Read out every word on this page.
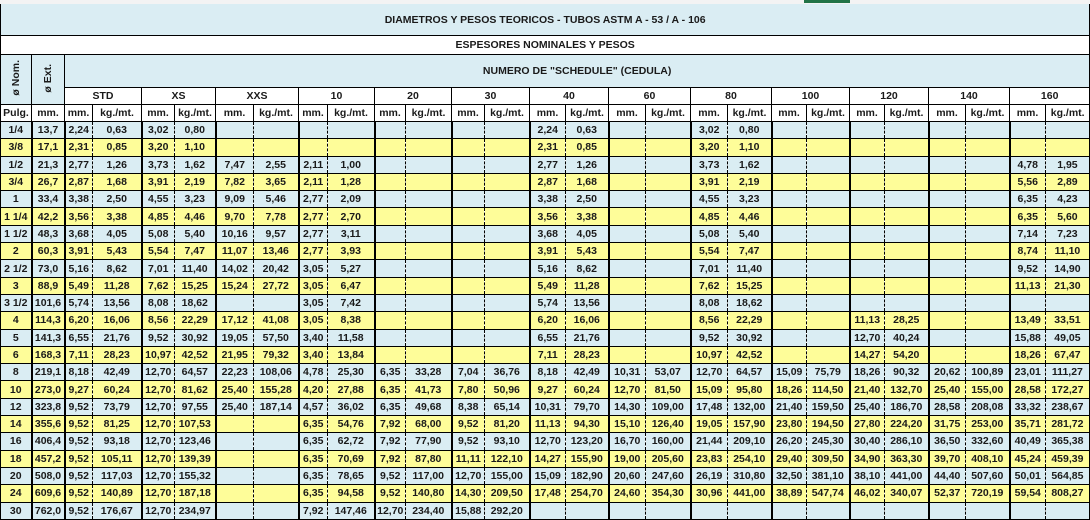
DIAMETROS Y PESOS TEORICOS - TUBOS ASTM A - 53 / A - 106																											
ESPESORES NOMINALES Y PESOS																											
ø Nom.	ø Ext.	NUMERO DE "SCHEDULE" (CEDULA)																									
		STD		XS		XXS		10		20		30		40		60		80		100		120		140		160	
Pulg.	mm.	mm.	kg./mt.	mm.	kg./mt.	mm.	kg./mt.	mm.	kg./mt.	mm.	kg./mt.	mm.	kg./mt.	mm.	kg./mt.	mm.	kg./mt.	mm.	kg./mt.	mm.	kg./mt.	mm.	kg./mt.	mm.	kg./mt.	mm.	kg./mt.
1/4	13,7	2,24	0,63	3,02	0,80									2,24	0,63			3,02	0,80								
3/8	17,1	2,31	0,85	3,20	1,10									2,31	0,85			3,20	1,10								
1/2	21,3	2,77	1,26	3,73	1,62	7,47	2,55	2,11	1,00					2,77	1,26			3,73	1,62							4,78	1,95
3/4	26,7	2,87	1,68	3,91	2,19	7,82	3,65	2,11	1,28					2,87	1,68			3,91	2,19							5,56	2,89
1	33,4	3,38	2,50	4,55	3,23	9,09	5,46	2,77	2,09					3,38	2,50			4,55	3,23							6,35	4,23
1 1/4	42,2	3,56	3,38	4,85	4,46	9,70	7,78	2,77	2,70					3,56	3,38			4,85	4,46							6,35	5,60
1 1/2	48,3	3,68	4,05	5,08	5,40	10,16	9,57	2,77	3,11					3,68	4,05			5,08	5,40							7,14	7,23
2	60,3	3,91	5,43	5,54	7,47	11,07	13,46	2,77	3,93					3,91	5,43			5,54	7,47							8,74	11,10
2 1/2	73,0	5,16	8,62	7,01	11,40	14,02	20,42	3,05	5,27					5,16	8,62			7,01	11,40							9,52	14,90
3	88,9	5,49	11,28	7,62	15,25	15,24	27,72	3,05	6,47					5,49	11,28			7,62	15,25							11,13	21,30
3 1/2	101,6	5,74	13,56	8,08	18,62			3,05	7,42					5,74	13,56			8,08	18,62								
4	114,3	6,20	16,06	8,56	22,29	17,12	41,08	3,05	8,38					6,20	16,06			8,56	22,29			11,13	28,25			13,49	33,51
5	141,3	6,55	21,76	9,52	30,92	19,05	57,50	3,40	11,58					6,55	21,76			9,52	30,92			12,70	40,24			15,88	49,05
6	168,3	7,11	28,23	10,97	42,52	21,95	79,32	3,40	13,84					7,11	28,23			10,97	42,52			14,27	54,20			18,26	67,47
8	219,1	8,18	42,49	12,70	64,57	22,23	108,06	4,78	25,30	6,35	33,28	7,04	36,76	8,18	42,49	10,31	53,07	12,70	64,57	15,09	75,79	18,26	90,32	20,62	100,89	23,01	111,27
10	273,0	9,27	60,24	12,70	81,62	25,40	155,28	4,20	27,88	6,35	41,73	7,80	50,96	9,27	60,24	12,70	81,50	15,09	95,80	18,26	114,50	21,40	132,70	25,40	155,00	28,58	172,27
12	323,8	9,52	73,79	12,70	97,55	25,40	187,14	4,57	36,02	6,35	49,68	8,38	65,14	10,31	79,70	14,30	109,00	17,48	132,00	21,40	159,50	25,40	186,70	28,58	208,08	33,32	238,67
14	355,6	9,52	81,25	12,70	107,53			6,35	54,76	7,92	68,00	9,52	81,20	11,13	94,30	15,10	126,40	19,05	157,90	23,80	194,50	27,80	224,20	31,75	253,00	35,71	281,72
16	406,4	9,52	93,18	12,70	123,46			6,35	62,72	7,92	77,90	9,52	93,10	12,70	123,20	16,70	160,00	21,44	209,10	26,20	245,30	30,40	286,10	36,50	332,60	40,49	365,38
18	457,2	9,52	105,11	12,70	139,39			6,35	70,69	7,92	87,80	11,11	122,10	14,27	155,90	19,00	205,60	23,83	254,10	29,40	309,50	34,90	363,30	39,70	408,10	45,24	459,39
20	508,0	9,52	117,03	12,70	155,32			6,35	78,65	9,52	117,00	12,70	155,00	15,09	182,90	20,60	247,60	26,19	310,80	32,50	381,10	38,10	441,00	44,40	507,60	50,01	564,85
24	609,6	9,52	140,89	12,70	187,18			6,35	94,58	9,52	140,80	14,30	209,50	17,48	254,70	24,60	354,30	30,96	441,00	38,89	547,74	46,02	340,07	52,37	720,19	59,54	808,27
30	762,0	9,52	176,67	12,70	234,97			7,92	147,46	12,70	234,40	15,88	292,20														
